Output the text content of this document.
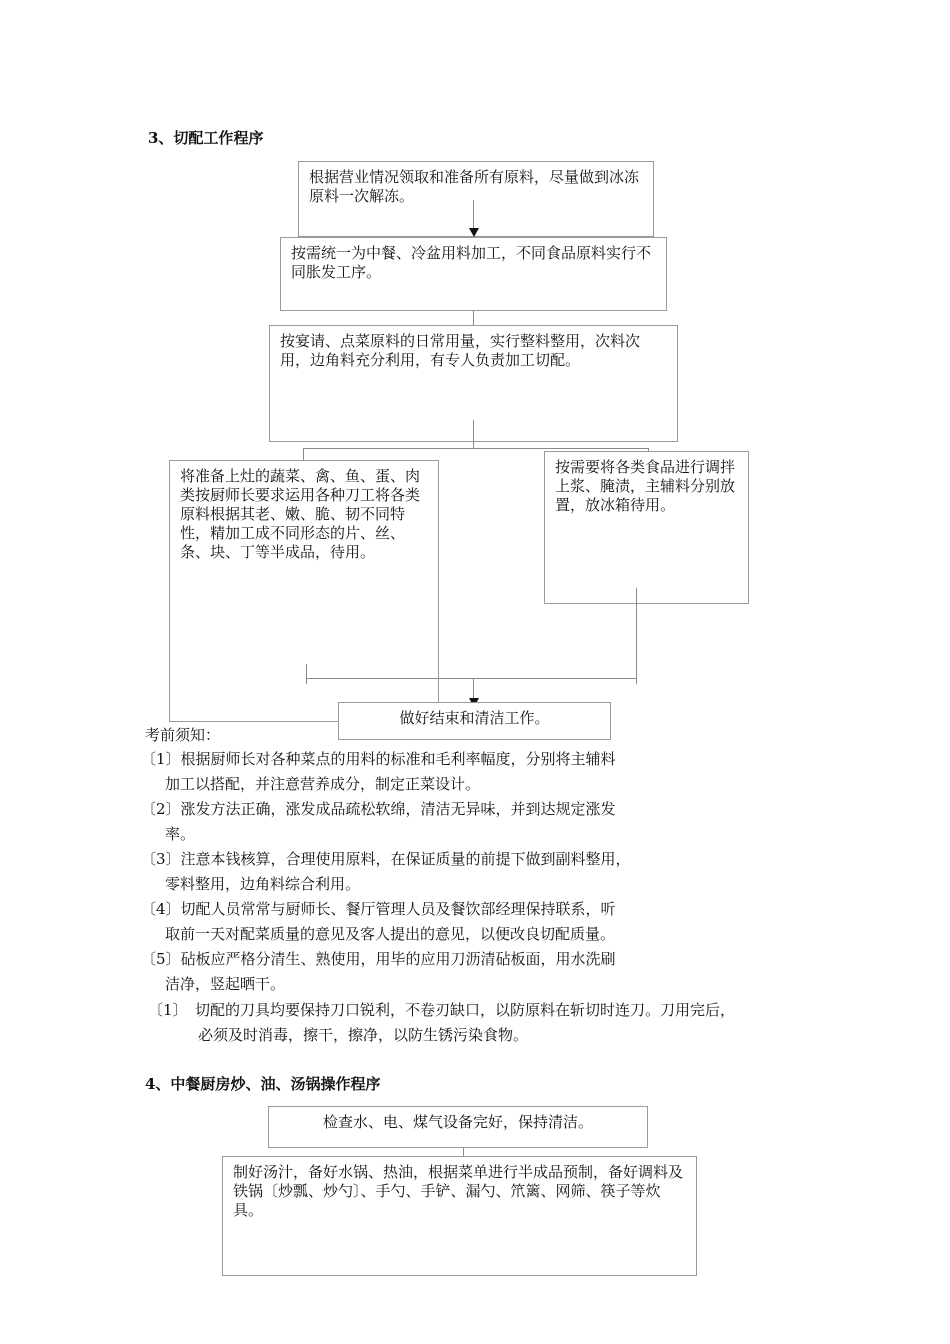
3、切配工作程序

根据营业情况领取和准备所有原料，尽量做到冰冻原料一次解冻。

按需统一为中餐、冷盆用料加工，不同食品原料实行不同胀发工序。

按宴请、点菜原料的日常用量，实行整料整用，次料次用，边角料充分利用，有专人负责加工切配。

将准备上灶的蔬菜、禽、鱼、蛋、肉类按厨师长要求运用各种刀工将各类原料根据其老、嫩、脆、韧不同特性，精加工成不同形态的片、丝、条、块、丁等半成品，待用。

按需要将各类食品进行调拌上浆、腌渍，主辅料分别放置，放冰箱待用。

做好结束和清洁工作。

考前须知：
〔1〕根据厨师长对各种菜点的用料的标准和毛利率幅度，分别将主辅料
加工以搭配，并注意营养成分，制定正菜设计。
〔2〕涨发方法正确，涨发成品疏松软绵，清洁无异味，并到达规定涨发
率。
〔3〕注意本钱核算，合理使用原料，在保证质量的前提下做到副料整用，
零料整用，边角料综合利用。
〔4〕切配人员常常与厨师长、餐厅管理人员及餐饮部经理保持联系，听
取前一天对配菜质量的意见及客人提出的意见，以便改良切配质量。
〔5〕砧板应严格分清生、熟使用，用毕的应用刀沥清砧板面，用水洗刷
洁净，竖起晒干。
〔1〕　切配的刀具均要保持刀口锐利，不卷刃缺口，以防原料在斩切时连刀。刀用完后，
必须及时消毒，擦干，擦净，以防生锈污染食物。
4、中餐厨房炒、油、汤锅操作程序

检查水、电、煤气设备完好，保持清洁。

制好汤汁，备好水锅、热油，根据菜单进行半成品预制，备好调料及铁锅〔炒瓢、炒勺〕、手勺、手铲、漏勺、笊篱、网筛、筷子等炊具。
